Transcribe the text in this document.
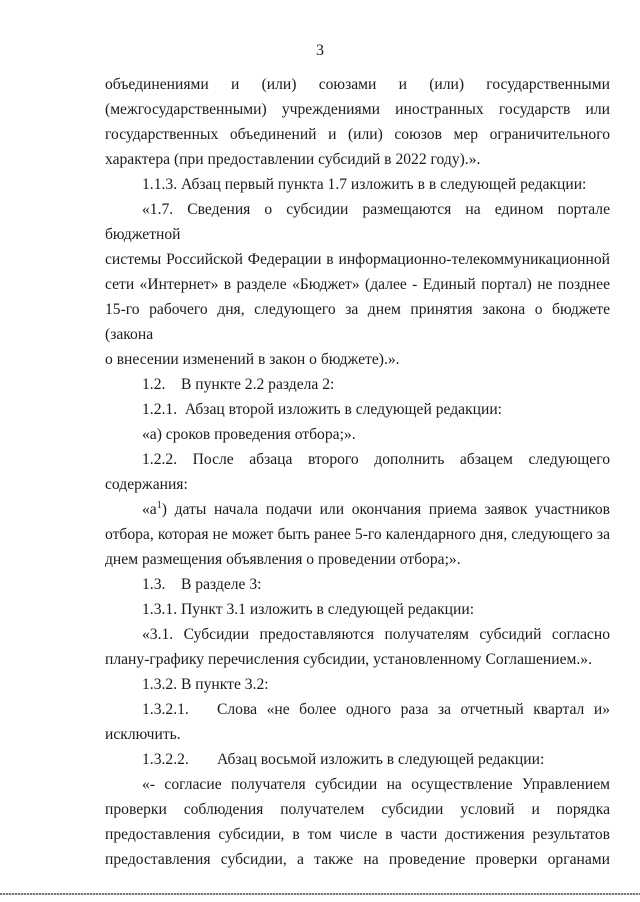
3

объединениями и (или) союзами и (или) государственными

(межгосударственными) учреждениями иностранных государств или

государственных объединений и (или) союзов мер ограничительного

характера (при предоставлении субсидий в 2022 году).».

1.1.3. Абзац первый пункта 1.7 изложить в в следующей редакции:

«1.7. Сведения о субсидии размещаются на едином портале бюджетной

системы Российской Федерации в информационно-телекоммуникационной

сети «Интернет» в разделе «Бюджет» (далее - Единый портал) не позднее

15-го рабочего дня, следующего за днем принятия закона о бюджете (закона

о внесении изменений в закон о бюджете).».

1.2.    В пункте 2.2 раздела 2:

1.2.1.  Абзац второй изложить в следующей редакции:

«а) сроков проведения отбора;».

1.2.2. После абзаца второго дополнить абзацем следующего

содержания:

«$а^1$) даты начала подачи или окончания приема заявок участников

отбора, которая не может быть ранее 5-го календарного дня, следующего за

днем размещения объявления о проведении отбора;».

1.3.    В разделе 3:

1.3.1. Пункт 3.1 изложить в следующей редакции:

«3.1. Субсидии предоставляются получателям субсидий согласно

плану-графику перечисления субсидии, установленному Соглашением.».

1.3.2. В пункте 3.2:

1.3.2.1.	Слова «не более одного раза за отчетный квартал и»

исключить.

1.3.2.2.	Абзац восьмой изложить в следующей редакции:

«- согласие получателя субсидии на осуществление Управлением

проверки соблюдения получателем субсидии условий и порядка

предоставления субсидии, в том числе в части достижения результатов

предоставления субсидии, а также на проведение проверки органами
